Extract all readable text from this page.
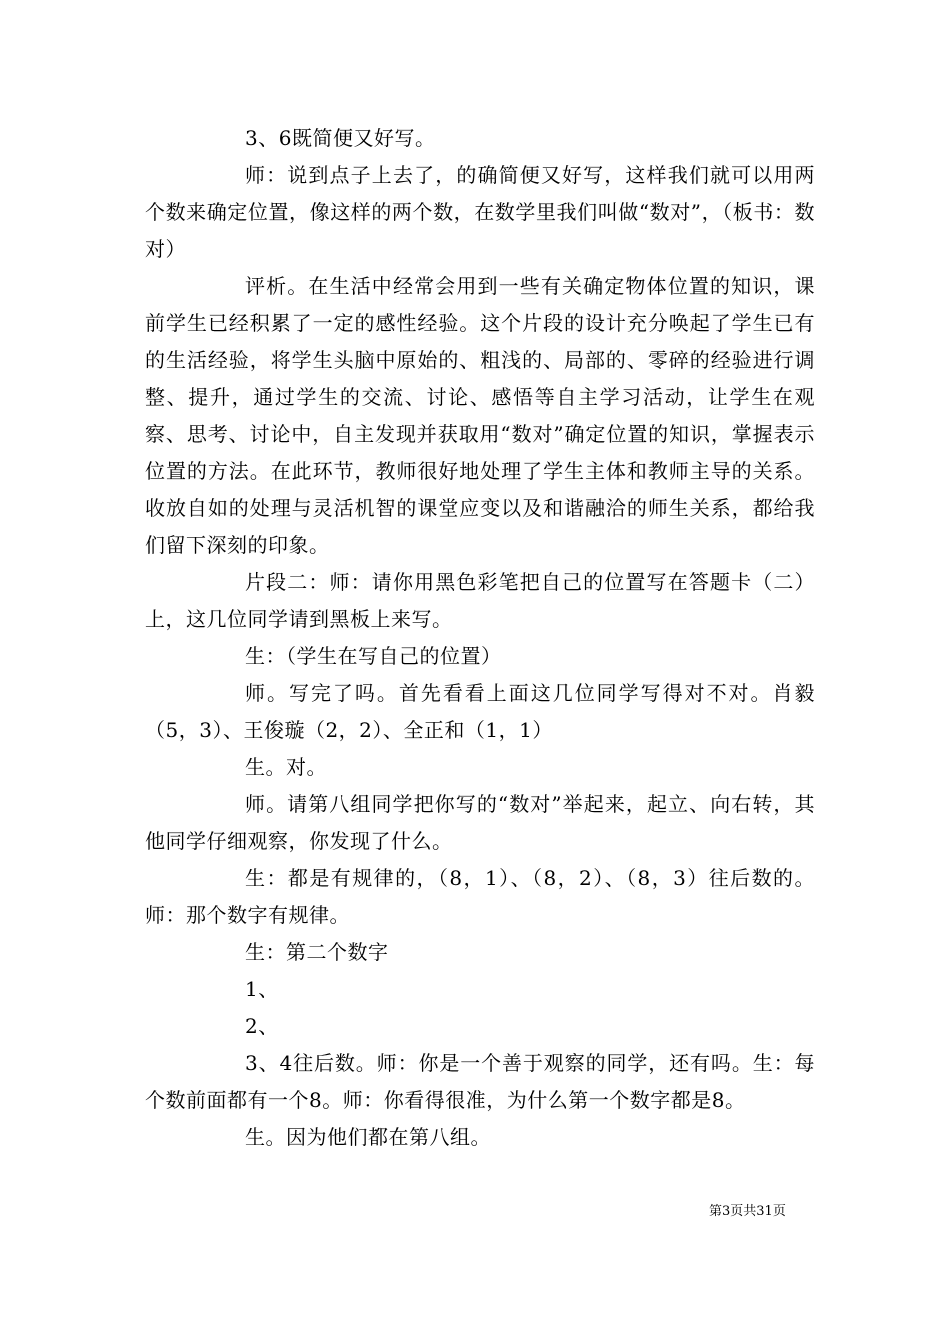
3、6既简便又好写。

师：说到点子上去了，的确简便又好写，这样我们就可以用两个数来确定位置，像这样的两个数，在数学里我们叫做“数对”，（板书：数对）

评析。在生活中经常会用到一些有关确定物体位置的知识，课前学生已经积累了一定的感性经验。这个片段的设计充分唤起了学生已有的生活经验，将学生头脑中原始的、粗浅的、局部的、零碎的经验进行调整、提升，通过学生的交流、讨论、感悟等自主学习活动，让学生在观察、思考、讨论中，自主发现并获取用“数对”确定位置的知识，掌握表示位置的方法。在此环节，教师很好地处理了学生主体和教师主导的关系。收放自如的处理与灵活机智的课堂应变以及和谐融洽的师生关系，都给我们留下深刻的印象。

片段二：师：请你用黑色彩笔把自己的位置写在答题卡（二）上，这几位同学请到黑板上来写。

生：（学生在写自己的位置）

师。写完了吗。首先看看上面这几位同学写得对不对。肖毅（5，3）、王俊璇（2，2）、全正和（1，1）

生。对。

师。请第八组同学把你写的“数对”举起来，起立、向右转，其他同学仔细观察，你发现了什么。

生：都是有规律的，（8，1）、（8，2）、（8，3）往后数的。师：那个数字有规律。

生：第二个数字

1、

2、

3、4往后数。师：你是一个善于观察的同学，还有吗。生：每个数前面都有一个8。师：你看得很准，为什么第一个数字都是8。

生。因为他们都在第八组。

第3页共31页
